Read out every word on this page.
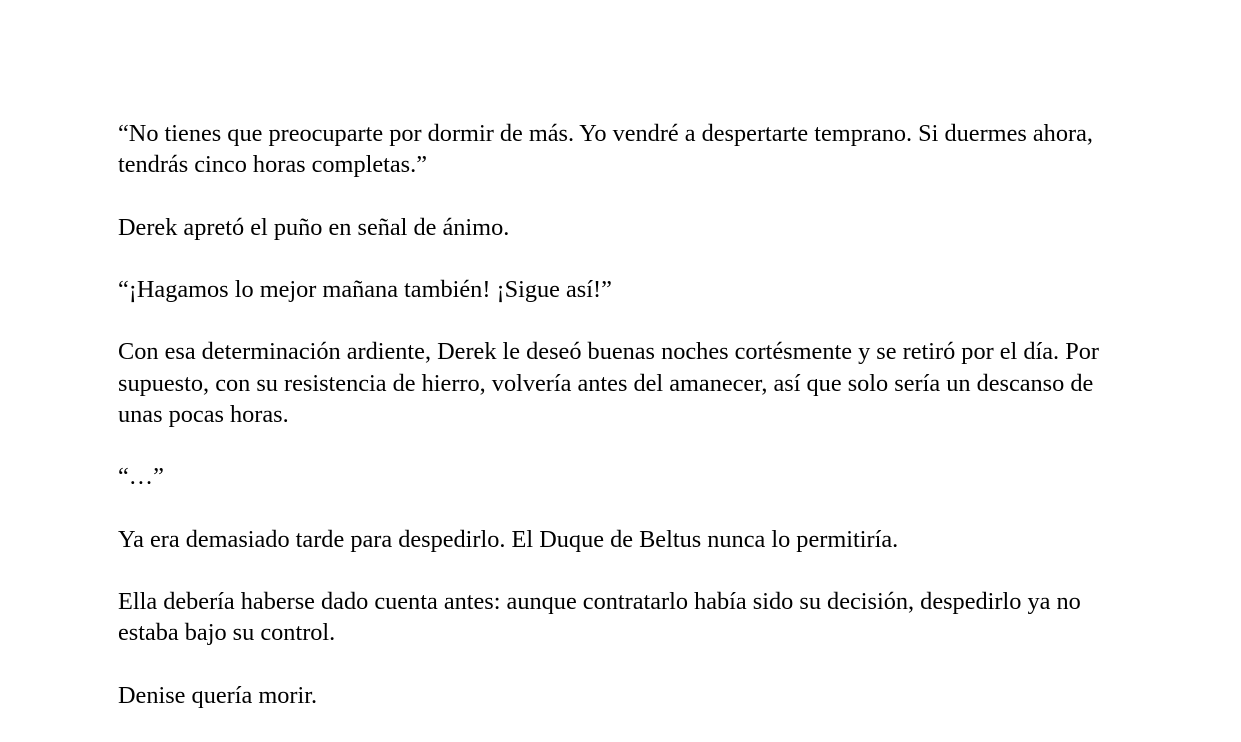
“No tienes que preocuparte por dormir de más. Yo vendré a despertarte temprano. Si duermes ahora, tendrás cinco horas completas.”

Derek apretó el puño en señal de ánimo.

“¡Hagamos lo mejor mañana también! ¡Sigue así!”

Con esa determinación ardiente, Derek le deseó buenas noches cortésmente y se retiró por el día. Por supuesto, con su resistencia de hierro, volvería antes del amanecer, así que solo sería un descanso de unas pocas horas.

“…”

Ya era demasiado tarde para despedirlo. El Duque de Beltus nunca lo permitiría.

Ella debería haberse dado cuenta antes: aunque contratarlo había sido su decisión, despedirlo ya no estaba bajo su control.

Denise quería morir.
